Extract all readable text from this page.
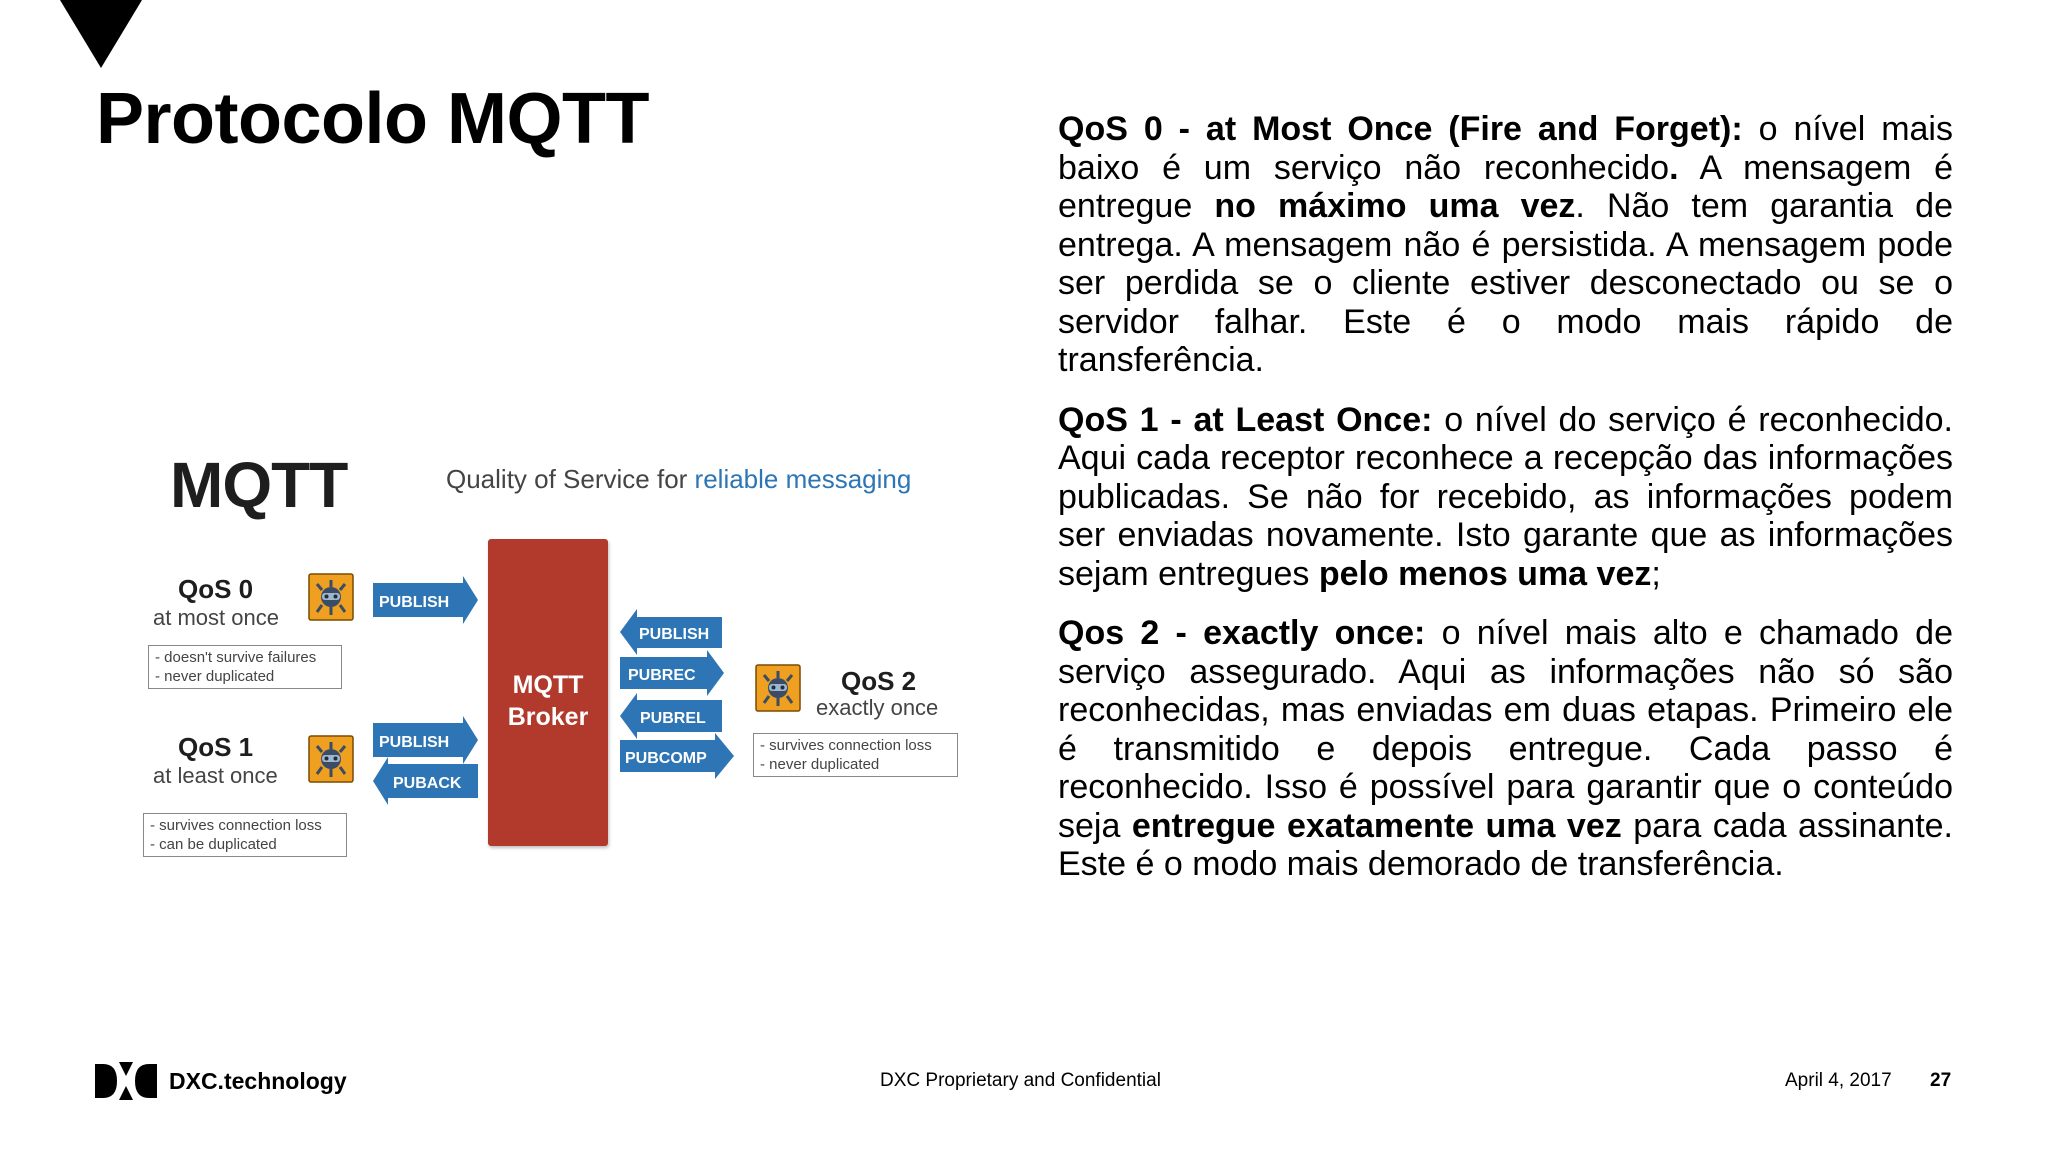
Protocolo MQTT
PUBLISH
PUBLISH
PUBACK
PUBLISH
PUBREC
PUBREL
PUBCOMP
MQTT	Quality of Service for reliable messaging

MQTT
Broker

QoS 0
at most once
- doesn't survive failures
- never duplicated
QoS 1
at least once
- survives connection loss
- can be duplicated
QoS 2
exactly once
- survives connection loss
- never duplicated

QoS 0 - at Most Once (Fire and Forget): o nível mais baixo é um serviço não reconhecido. A mensagem é entregue no máximo uma vez. Não tem garantia de entrega. A mensagem não é persistida. A mensagem pode ser perdida se o cliente estiver desconectado ou se o servidor falhar. Este é o modo mais rápido de transferência.

QoS 1 - at Least Once: o nível do serviço é reconhecido. Aqui cada receptor reconhece a recepção das informações publicadas. Se não for recebido, as informações podem ser enviadas novamente. Isto garante que as informações sejam entregues pelo menos uma vez;

Qos 2 - exactly once: o nível mais alto e chamado de serviço assegurado. Aqui as informações não só são reconhecidas, mas enviadas em duas etapas. Primeiro ele é transmitido e depois entregue. Cada passo é reconhecido. Isso é possível para garantir que o conteúdo seja entregue exatamente uma vez para cada assinante. Este é o modo mais demorado de transferência.

DXC.technology	DXC Proprietary and Confidential	April 4, 2017 27
